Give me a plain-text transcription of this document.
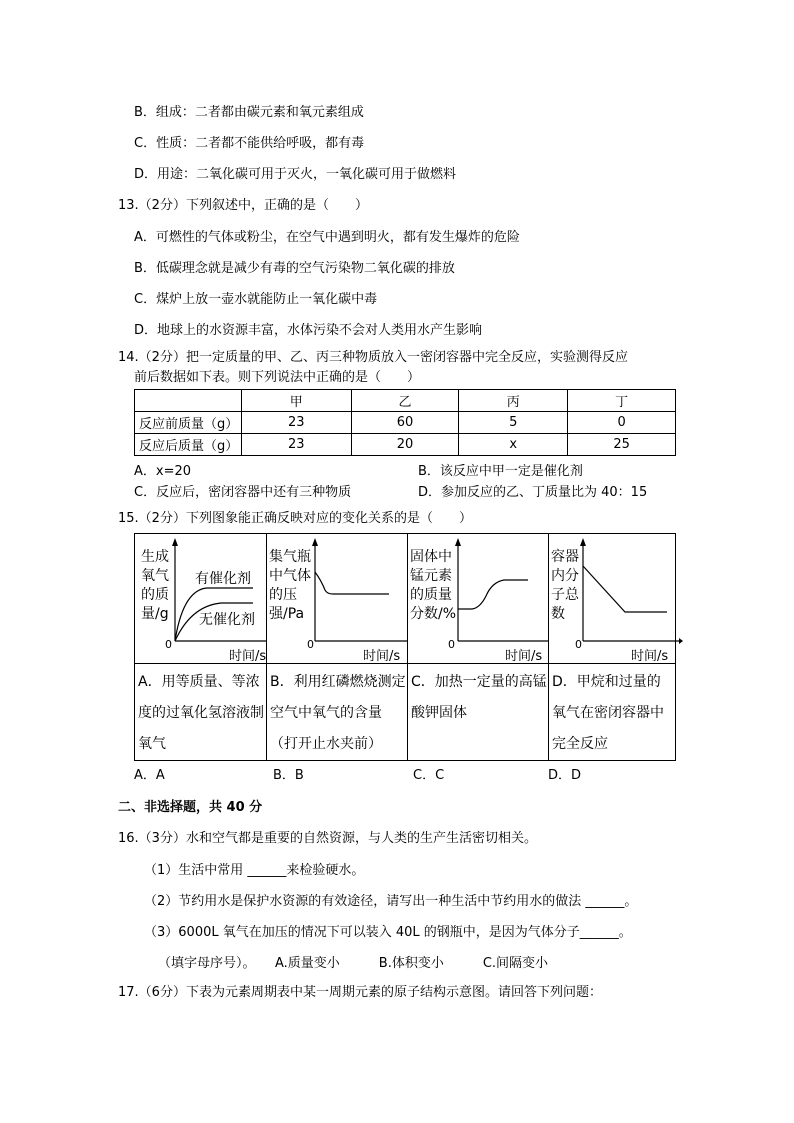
B．组成：二者都由碳元素和氧元素组成
C．性质：二者都不能供给呼吸，都有毒
D．用途：二氧化碳可用于灭火，一氧化碳可用于做燃料
13.（2分）下列叙述中，正确的是（　　）
A．可燃性的气体或粉尘，在空气中遇到明火，都有发生爆炸的危险
B．低碳理念就是减少有毒的空气污染物二氧化碳的排放
C．煤炉上放一壶水就能防止一氧化碳中毒
D．地球上的水资源丰富，水体污染不会对人类用水产生影响
14.（2分）把一定质量的甲、乙、丙三种物质放入一密闭容器中完全反应，实验测得反应
前后数据如下表。则下列说法中正确的是（　　）
	甲	乙	丙	丁
反应前质量（g）	23	60	5	0
反应后质量（g）	23	20	x	25
A．x=20	B．该反应中甲一定是催化剂
C．反应后，密闭容器中还有三种物质	D．参加反应的乙、丁质量比为 40：15
15.（2分）下列图象能正确反映对应的变化关系的是（　　）
生成氧气的质量/g
有催化剂
无催化剂
0
集气瓶中气体的压强/Pa
固体中锰元素的质量分数/%
容器内分子总数
0	0	0
时间/s	时间/s	时间/s	时间/s
A．用等质量、等浓度的过氧化氢溶液制氧气
B．利用红磷燃烧测定空气中氧气的含量（打开止水夹前）
C．加热一定量的高锰酸钾固体
D．甲烷和过量的氧气在密闭容器中完全反应
A．A	B．B	C．C	D．D
二、非选择题，共 40 分
16.（3分）水和空气都是重要的自然资源，与人类的生产生活密切相关。
（1）生活中常用 ______来检验硬水。
（2）节约用水是保护水资源的有效途径，请写出一种生活中节约用水的做法 ______。
（3）6000L 氧气在加压的情况下可以装入 40L 的钢瓶中，是因为气体分子______。
（填字母序号）。　　A.质量变小　　　B.体积变小　　　C.间隔变小
17.（6分）下表为元素周期表中某一周期元素的原子结构示意图。请回答下列问题：
